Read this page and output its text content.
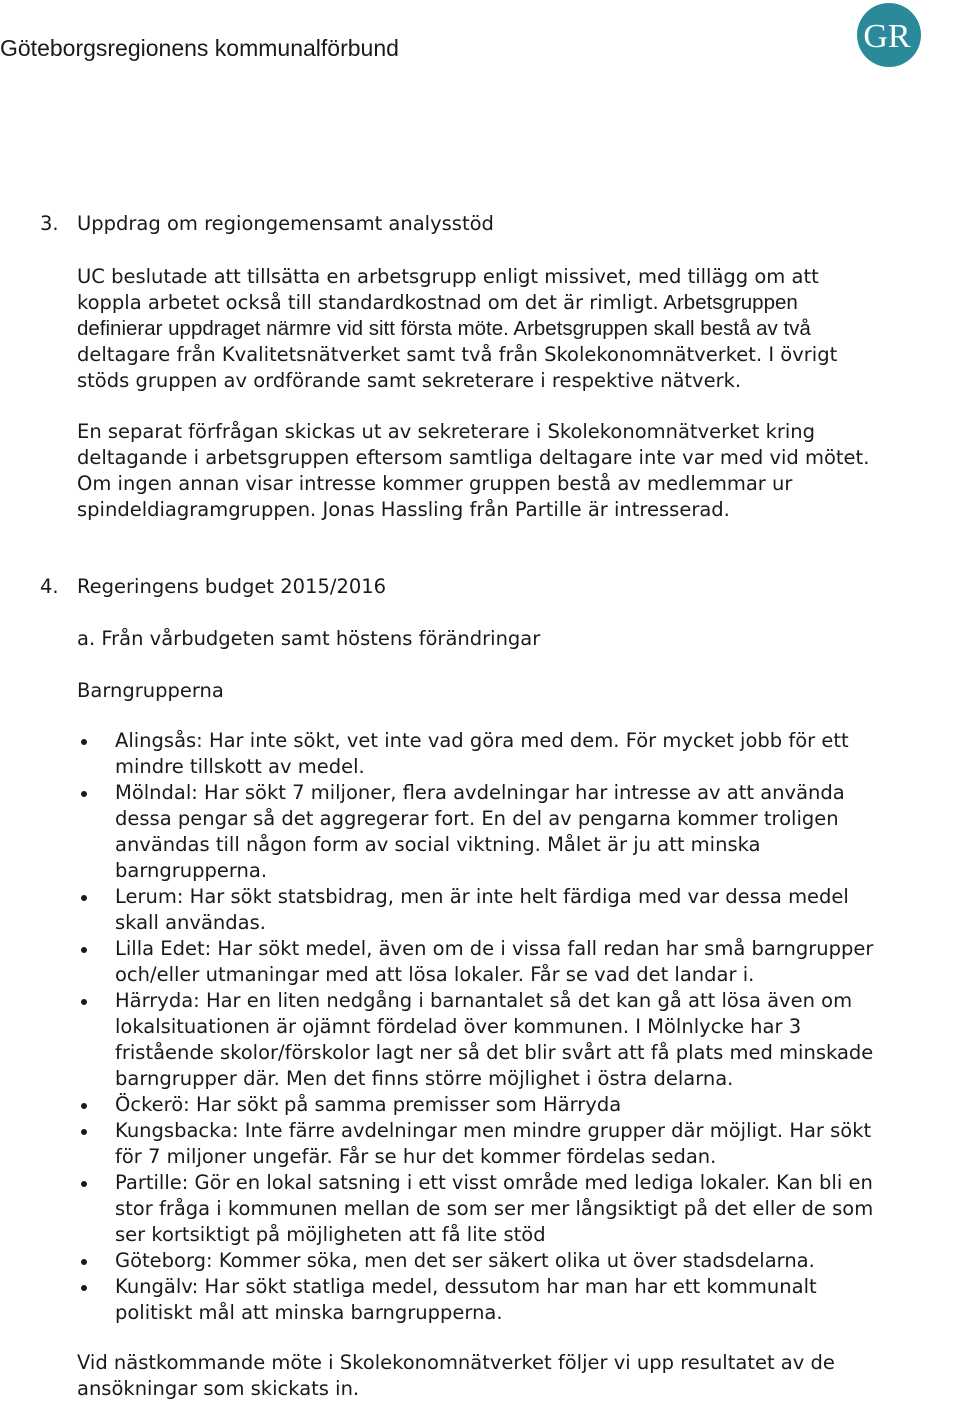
Göteborgsregionens kommunalförbund	GR
3. Uppdrag om regiongemensamt analysstöd
UC beslutade att tillsätta en arbetsgrupp enligt missivet, med tillägg om att
koppla arbetet också till standardkostnad om det är rimligt. Arbetsgruppen
definierar uppdraget närmre vid sitt första möte. Arbetsgruppen skall bestå av två
deltagare från Kvalitetsnätverket samt två från Skolekonomnätverket. I övrigt
stöds gruppen av ordförande samt sekreterare i respektive nätverk.
En separat förfrågan skickas ut av sekreterare i Skolekonomnätverket kring
deltagande i arbetsgruppen eftersom samtliga deltagare inte var med vid mötet.
Om ingen annan visar intresse kommer gruppen bestå av medlemmar ur
spindeldiagramgruppen. Jonas Hassling från Partille är intresserad.
4. Regeringens budget 2015/2016
a. Från vårbudgeten samt höstens förändringar
Barngrupperna
Alingsås: Har inte sökt, vet inte vad göra med dem. För mycket jobb för ett
mindre tillskott av medel.
Mölndal: Har sökt 7 miljoner, flera avdelningar har intresse av att använda
dessa pengar så det aggregerar fort. En del av pengarna kommer troligen
användas till någon form av social viktning. Målet är ju att minska
barngrupperna.
Lerum: Har sökt statsbidrag, men är inte helt färdiga med var dessa medel
skall användas.
Lilla Edet: Har sökt medel, även om de i vissa fall redan har små barngrupper
och/eller utmaningar med att lösa lokaler. Får se vad det landar i.
Härryda: Har en liten nedgång i barnantalet så det kan gå att lösa även om
lokalsituationen är ojämnt fördelad över kommunen. I Mölnlycke har 3
fristående skolor/förskolor lagt ner så det blir svårt att få plats med minskade
barngrupper där. Men det finns större möjlighet i östra delarna.
Öckerö: Har sökt på samma premisser som Härryda
Kungsbacka: Inte färre avdelningar men mindre grupper där möjligt. Har sökt
för 7 miljoner ungefär. Får se hur det kommer fördelas sedan.
Partille: Gör en lokal satsning i ett visst område med lediga lokaler. Kan bli en
stor fråga i kommunen mellan de som ser mer långsiktigt på det eller de som
ser kortsiktigt på möjligheten att få lite stöd
Göteborg: Kommer söka, men det ser säkert olika ut över stadsdelarna.
Kungälv: Har sökt statliga medel, dessutom har man har ett kommunalt
politiskt mål att minska barngrupperna.
Vid nästkommande möte i Skolekonomnätverket följer vi upp resultatet av de
ansökningar som skickats in.
